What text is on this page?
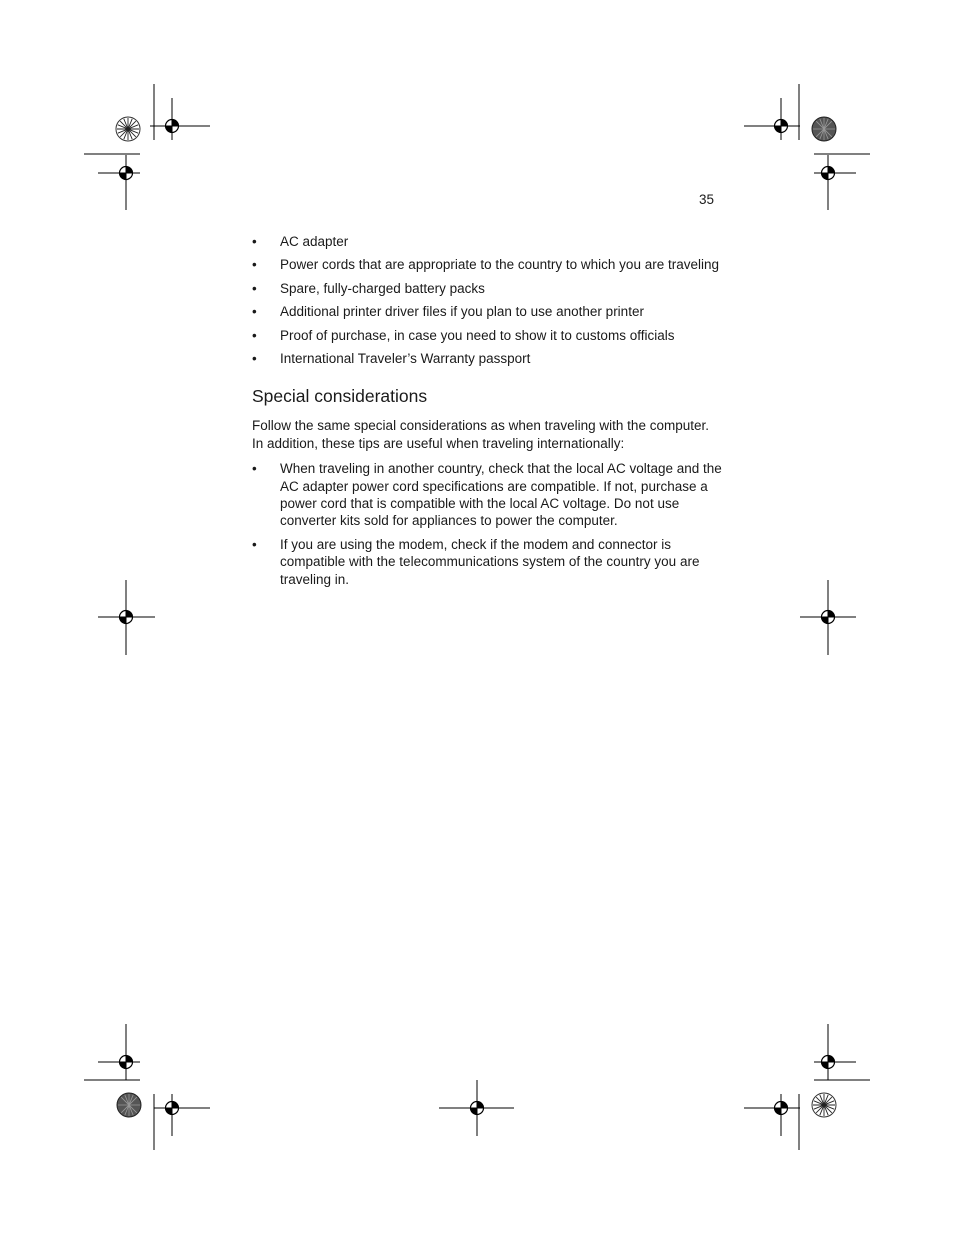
35
• AC adapter
• Power cords that are appropriate to the country to which you are traveling
• Spare, fully-charged battery packs
• Additional printer driver files if you plan to use another printer
• Proof of purchase, in case you need to show it to customs officials
• International Traveler’s Warranty passport
Special considerations

Follow the same special considerations as when traveling with the computer. In addition, these tips are useful when traveling internationally:

• When traveling in another country, check that the local AC voltage and the AC adapter power cord specifications are compatible. If not, purchase a power cord that is compatible with the local AC voltage. Do not use converter kits sold for appliances to power the computer.
• If you are using the modem, check if the modem and connector is compatible with the telecommunications system of the country you are traveling in.
